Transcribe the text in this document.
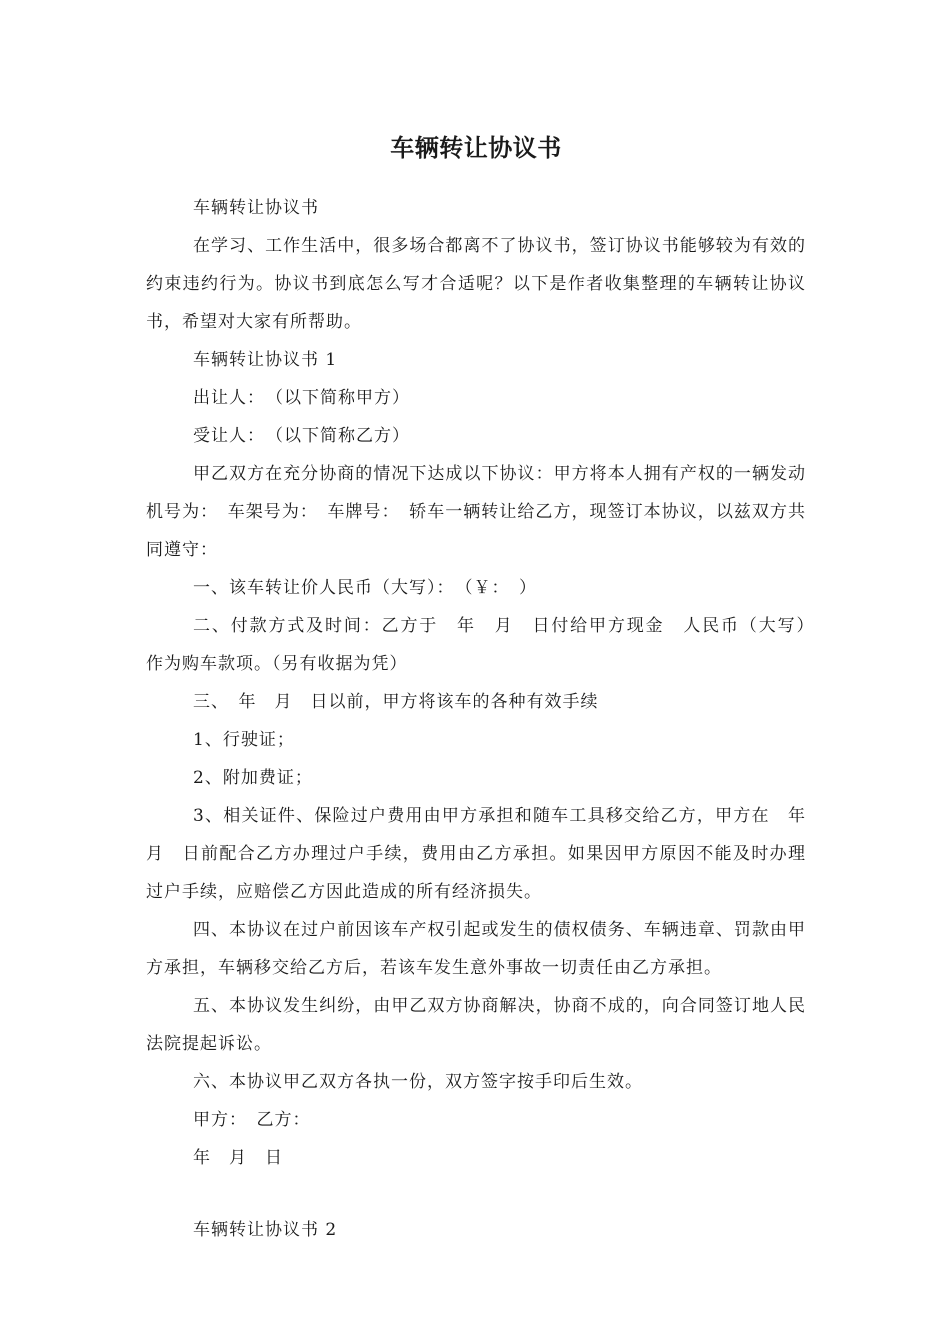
车辆转让协议书

车辆转让协议书

在学习、工作生活中，很多场合都离不了协议书，签订协议书能够较为有效的约束违约行为。协议书到底怎么写才合适呢？以下是作者收集整理的车辆转让协议书，希望对大家有所帮助。

车辆转让协议书 1

出让人：　（以下简称甲方）

受让人：　（以下简称乙方）

甲乙双方在充分协商的情况下达成以下协议：甲方将本人拥有产权的一辆发动机号为：　车架号为：　车牌号：　轿车一辆转让给乙方，现签订本协议，以兹双方共同遵守：

一、该车转让价人民币（大写）：　（￥：　）

二、付款方式及时间：乙方于　年　月　日付给甲方现金　人民币（大写）　作为购车款项。（另有收据为凭）

三、　年　月　日以前，甲方将该车的各种有效手续

1、行驶证；

2、附加费证；

3、相关证件、保险过户费用由甲方承担和随车工具移交给乙方，甲方在　年　月　日前配合乙方办理过户手续，费用由乙方承担。如果因甲方原因不能及时办理过户手续，应赔偿乙方因此造成的所有经济损失。

四、本协议在过户前因该车产权引起或发生的债权债务、车辆违章、罚款由甲方承担，车辆移交给乙方后，若该车发生意外事故一切责任由乙方承担。

五、本协议发生纠纷，由甲乙双方协商解决，协商不成的，向合同签订地人民法院提起诉讼。

六、本协议甲乙双方各执一份，双方签字按手印后生效。

甲方：　乙方：

年　月　日

车辆转让协议书 2
